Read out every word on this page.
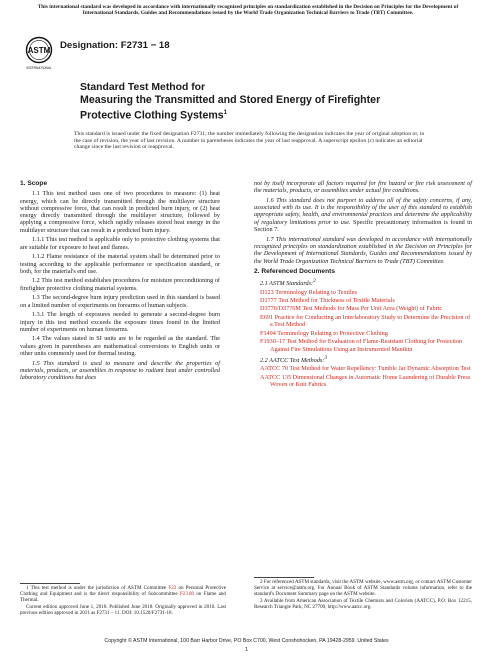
This international standard was developed in accordance with internationally recognized principles on standardization established in the Decision on Principles for the Development of International Standards, Guides and Recommendations issued by the World Trade Organization Technical Barriers to Trade (TBT) Committee.
ASTM
INTERNATIONAL
Designation: F2731 − 18
Standard Test Method for
Measuring the Transmitted and Stored Energy of Firefighter Protective Clothing Systems$^1$
This standard is issued under the fixed designation F2731; the number immediately following the designation indicates the year of original adoption or, in the case of revision, the year of last revision. A number in parentheses indicates the year of last reapproval. A superscript epsilon (ε) indicates an editorial change since the last revision or reapproval.
1. Scope

1.1 This test method uses one of two procedures to measure: (1) heat energy, which can be directly transmitted through the multilayer structure without compressive force, that can result in predicted burn injury, or (2) heat energy directly transmitted through the multilayer structure, followed by applying a compressive force, which rapidly releases stored heat energy in the multilayer structure that can result in a predicted burn injury.

1.1.1 This test method is applicable only to protective clothing systems that are suitable for exposure to heat and flames.

1.1.2 Flame resistance of the material system shall be determined prior to testing according to the applicable performance or specification standard, or both, for the material's end use.

1.2 This test method establishes procedures for moisture preconditioning of firefighter protective clothing material systems.

1.3 The second-degree burn injury prediction used in this standard is based on a limited number of experiments on forearms of human subjects.

1.3.1 The length of exposures needed to generate a second-degree burn injury in this test method exceeds the exposure times found in the limited number of experiments on human forearms.

1.4 The values stated in SI units are to be regarded as the standard. The values given in parentheses are mathematical conversions to English units or other units commonly used for thermal testing.

1.5 This standard is used to measure and describe the properties of materials, products, or assemblies in response to radiant heat under controlled laboratory conditions but does

not by itself incorporate all factors required for fire hazard or fire risk assessment of the materials, products, or assemblies under actual fire conditions.

1.6 This standard does not purport to address all of the safety concerns, if any, associated with its use. It is the responsibility of the user of this standard to establish appropriate safety, health, and environmental practices and determine the applicability of regulatory limitations prior to use. Specific precautionary information is found in Section 7.

1.7 This international standard was developed in accordance with internationally recognized principles on standardization established in the Decision on Principles for the Development of International Standards, Guides and Recommendations issued by the World Trade Organization Technical Barriers to Trade (TBT) Committee.

2. Referenced Documents
2.1 ASTM Standards:$^2$
D123 Terminology Relating to Textiles
D1777 Test Method for Thickness of Textile Materials
D3776/D3776M Test Methods for Mass Per Unit Area (Weight) of Fabric
E691 Practice for Conducting an Interlaboratory Study to Determine the Precision of a Test Method
F1494 Terminology Relating to Protective Clothing
F1930–17 Test Method for Evaluation of Flame-Resistant Clothing for Protection Against Fire Simulations Using an Instrumented Manikin
2.2 AATCC Test Methods:$^3$
AATCC 70 Test Method for Water Repellency: Tumble Jar Dynamic Absorption Test
AATCC 135 Dimensional Changes in Automatic Home Laundering of Durable Press Woven or Knit Fabrics

1 This test method is under the jurisdiction of ASTM Committee F23 on Personal Protective Clothing and Equipment and is the direct responsibility of Subcommittee F23.80 on Flame and Thermal.

Current edition approved June 1, 2018. Published June 2018. Originally approved in 2010. Last previous edition approved in 2011 as F2731 – 11. DOI: 10.1520/F2731-18.

2 For referenced ASTM standards, visit the ASTM website, www.astm.org, or contact ASTM Customer Service at service@astm.org. For Annual Book of ASTM Standards volume information, refer to the standard's Document Summary page on the ASTM website.

3 Available from American Association of Textile Chemists and Colorists (AATCC), P.O. Box 12215, Research Triangle Park, NC 27709, http://www.aatcc.org.

Copyright © ASTM International, 100 Barr Harbor Drive, PO Box C700, West Conshohocken, PA 19428-2959. United States
1
